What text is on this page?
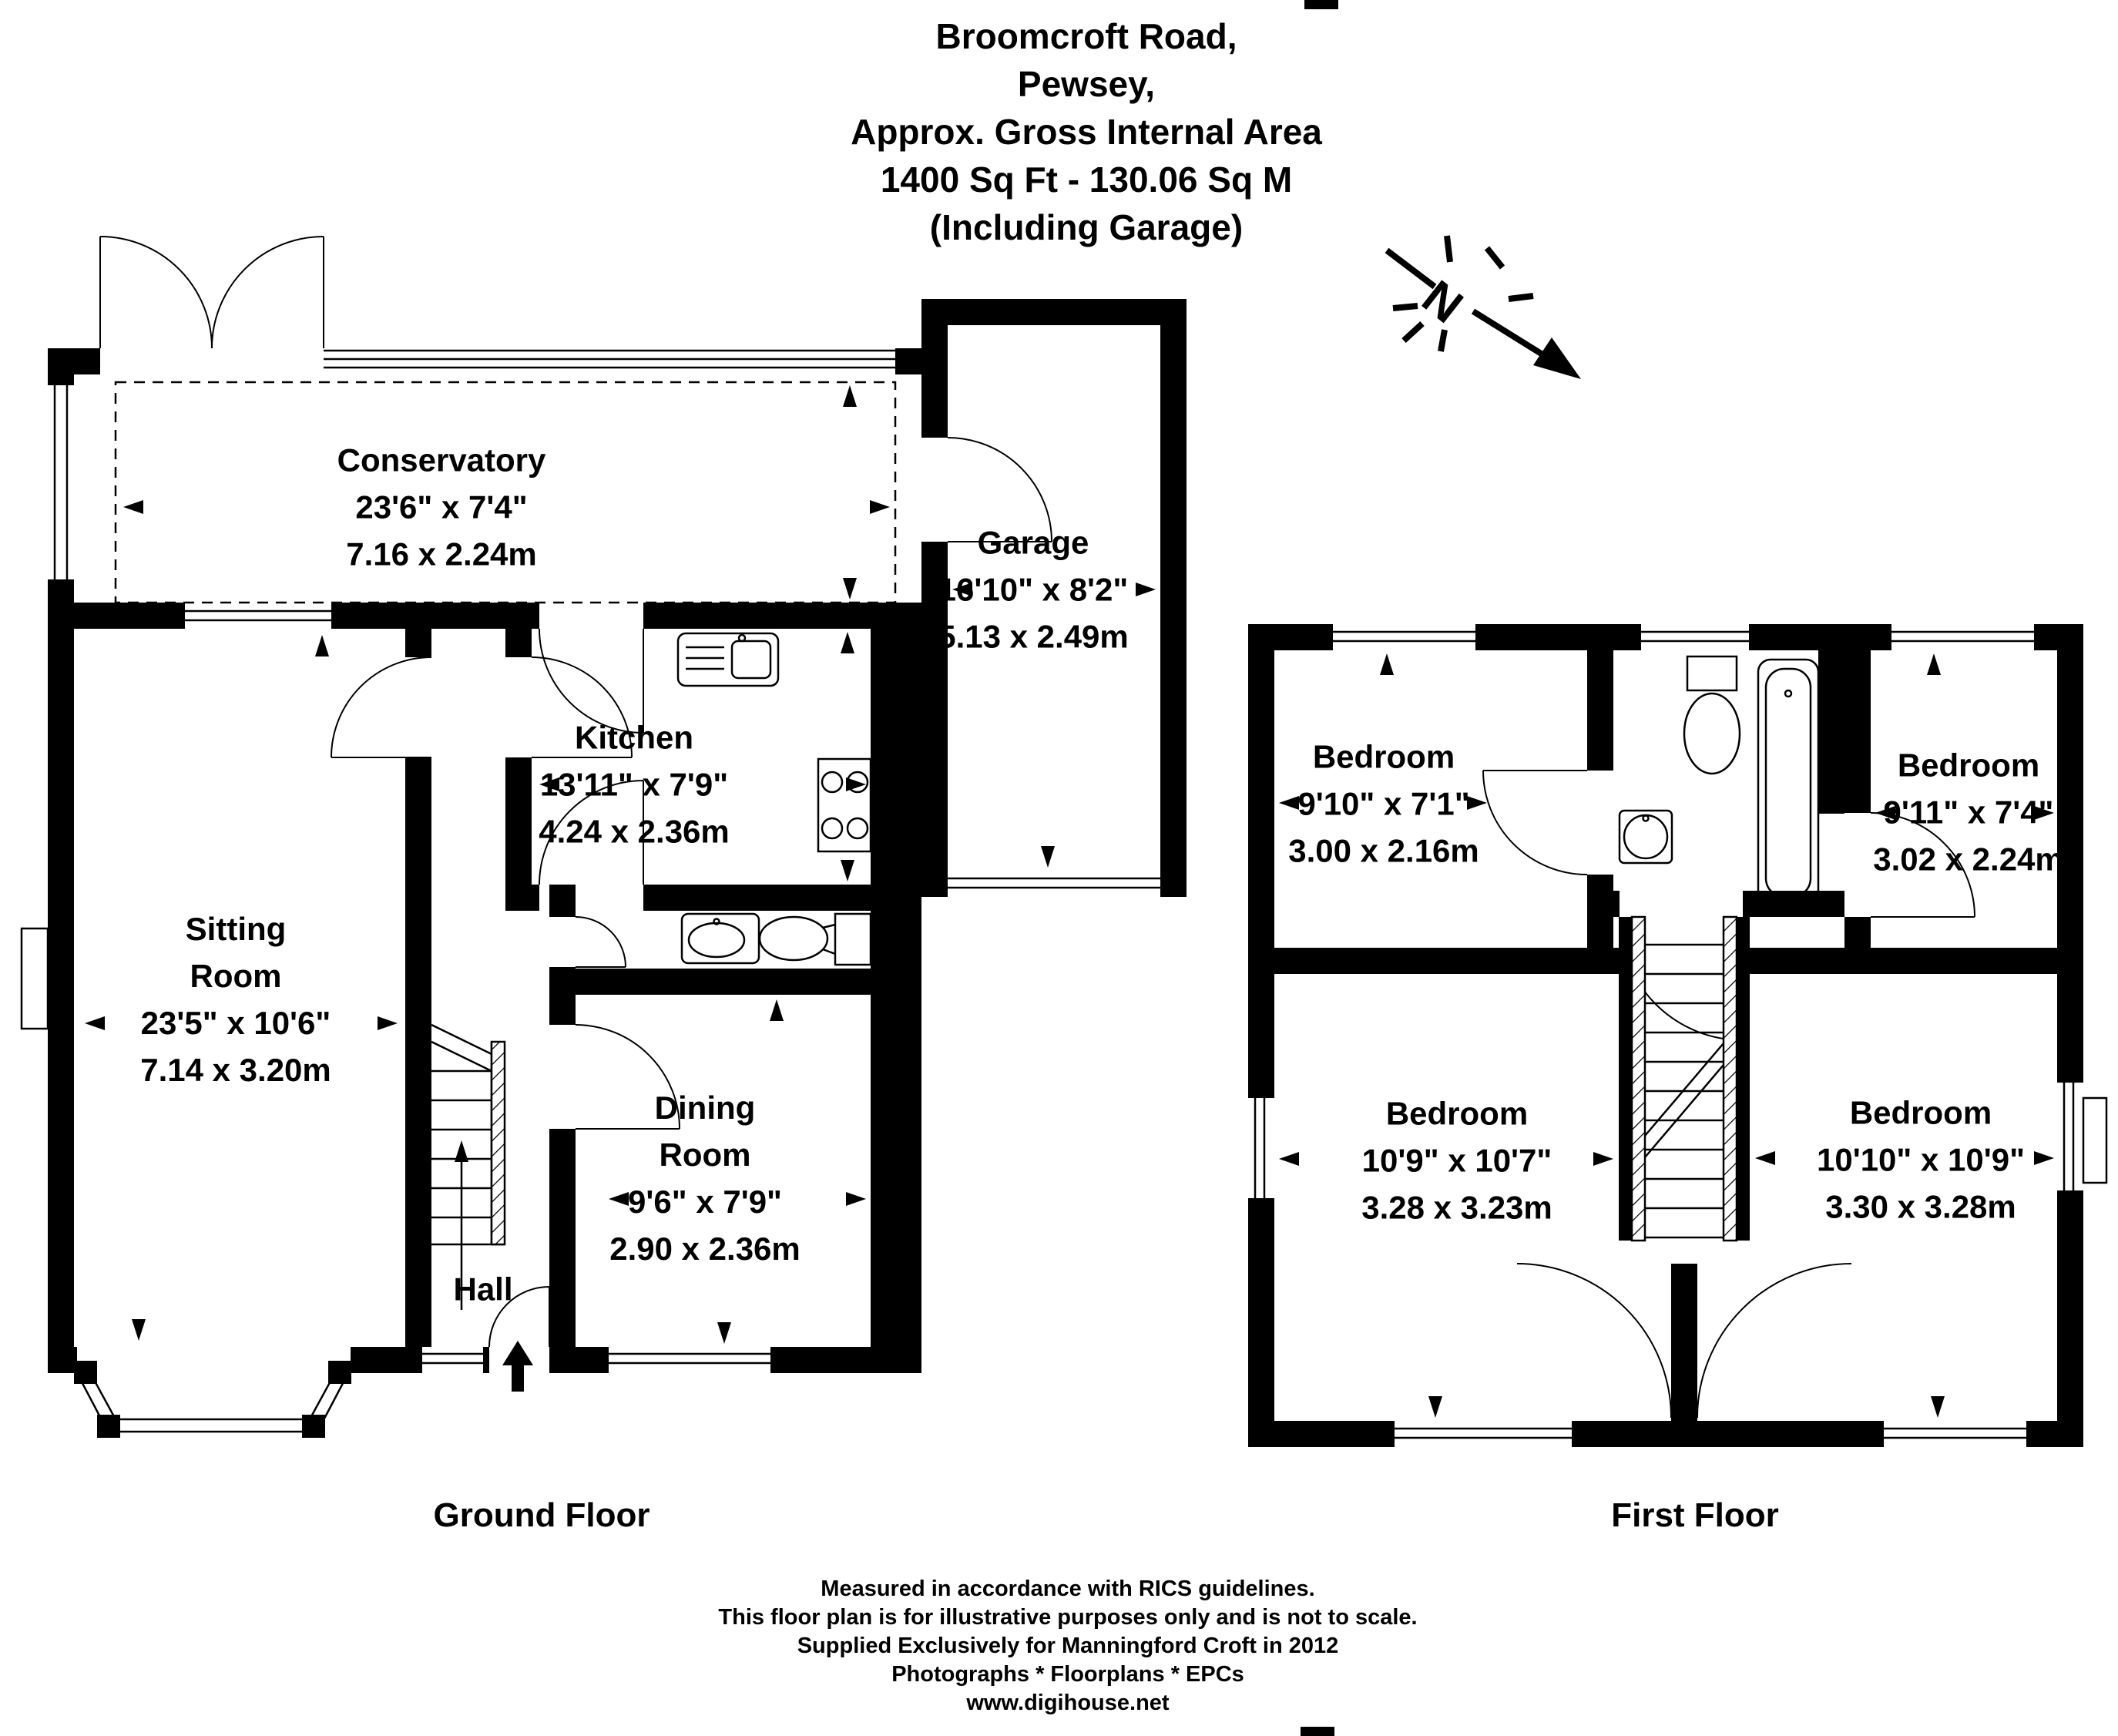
Broomcroft Road,
Pewsey,
Approx. Gross Internal Area
1400 Sq Ft - 130.06 Sq M
(Including Garage)
N
Conservatory
23'6" x 7'4"
7.16 x 2.24m	Garage
16'10" x 8'2"
5.13 x 2.49m
Kitchen
13'11" x 7'9"
4.24 x 2.36m
Sitting
Room
23'5" x 10'6"
7.14 x 3.20m
Dining
Room
9'6" x 7'9"
2.90 x 2.36m
Hall
Bedroom
9'10" x 7'1"
3.00 x 2.16m
Bedroom
9'11" x 7'4"
3.02 x 2.24m
Bedroom
10'9" x 10'7"
3.28 x 3.23m
Bedroom
10'10" x 10'9"
3.30 x 3.28m
Ground Floor	First Floor
Measured in accordance with RICS guidelines.
This floor plan is for illustrative purposes only and is not to scale.
Supplied Exclusively for Manningford Croft in 2012
Photographs * Floorplans * EPCs
www.digihouse.net
